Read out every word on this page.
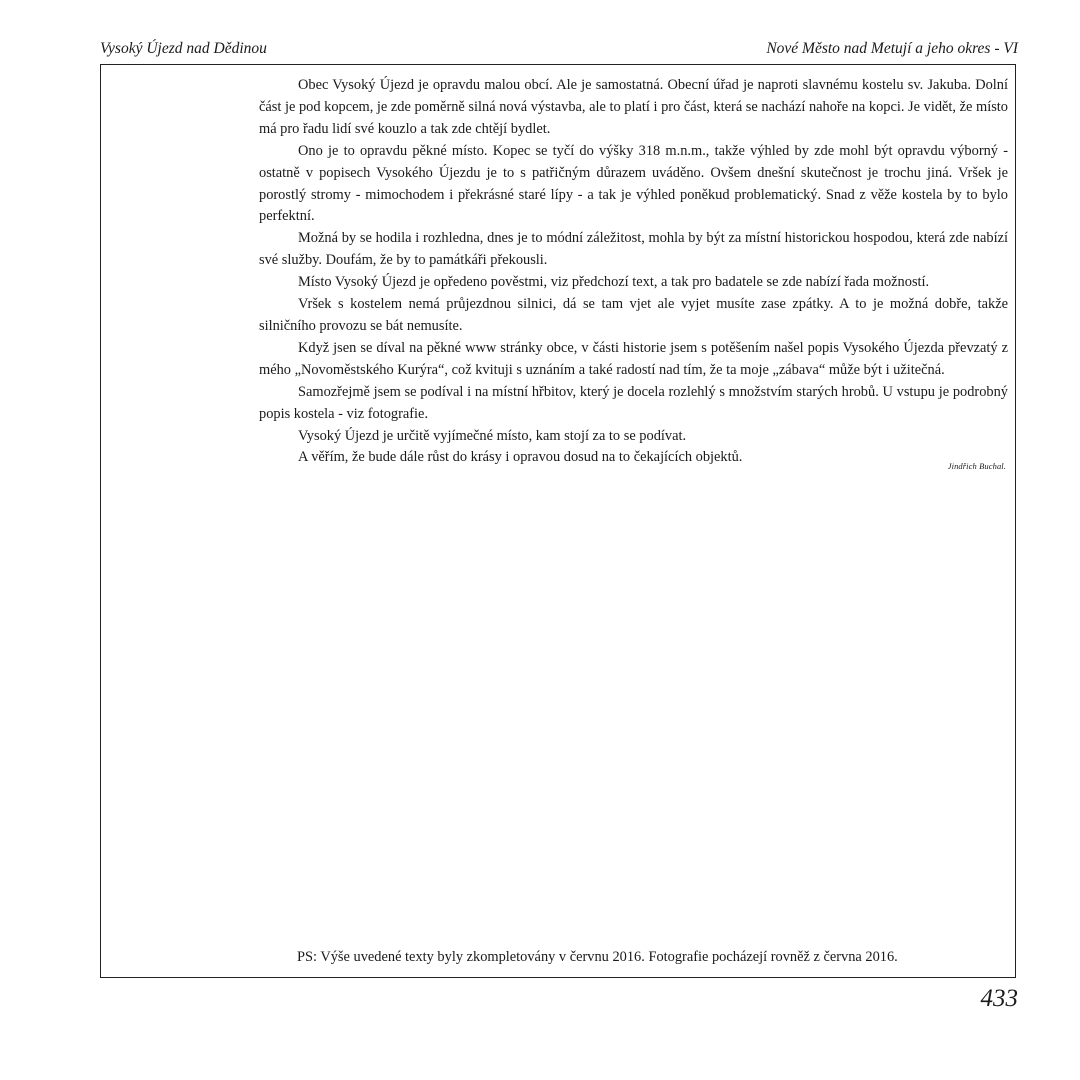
Vysoký Újezd nad Dědinou	Nové Město nad Metují a jeho okres - VI

Obec Vysoký Újezd je opravdu malou obcí. Ale je samostatná. Obecní úřad je naproti slavnému kostelu sv. Jakuba. Dolní část je pod kopcem, je zde poměrně silná nová výstavba, ale to platí i pro část, která se nachází nahoře na kopci. Je vidět, že místo má pro řadu lidí své kouzlo a tak zde chtějí bydlet.

Ono je to opravdu pěkné místo. Kopec se tyčí do výšky 318 m.n.m., takže výhled by zde mohl být opravdu výborný - ostatně v popisech Vysokého Újezdu je to s patřičným důrazem uváděno. Ovšem dnešní skutečnost je trochu jiná. Vršek je porostlý stromy - mimochodem i překrásné staré lípy - a tak je výhled poněkud problematický. Snad z věže kostela by to bylo perfektní.

Možná by se hodila i rozhledna, dnes je to módní záležitost, mohla by být za místní historickou hospodou, která zde nabízí své služby. Doufám, že by to památkáři překousli.

Místo Vysoký Újezd je opředeno pověstmi, viz předchozí text, a tak pro badatele se zde nabízí řada možností.

Vršek s kostelem nemá průjezdnou silnici, dá se tam vjet ale vyjet musíte zase zpátky. A to je možná dobře, takže silničního provozu se bát nemusíte.

Když jsen se díval na pěkné www stránky obce, v části historie jsem s potěšením našel popis Vysokého Újezda převzatý z mého „Novoměstského Kurýra“, což kvituji s uznáním a také radostí nad tím, že ta moje „zábava“ může být i užitečná.

Samozřejmě jsem se podíval i na místní hřbitov, který je docela rozlehlý s množstvím starých hrobů. U vstupu je podrobný popis kostela - viz fotografie.

Vysoký Újezd je určitě vyjímečné místo, kam stojí za to se podívat.

A věřím, že bude dále růst do krásy i opravou dosud na to čekajících objektů.

Jindřich Buchal.
PS: Výše uvedené texty byly zkompletovány v červnu 2016. Fotografie pocházejí rovněž z června 2016.
433
